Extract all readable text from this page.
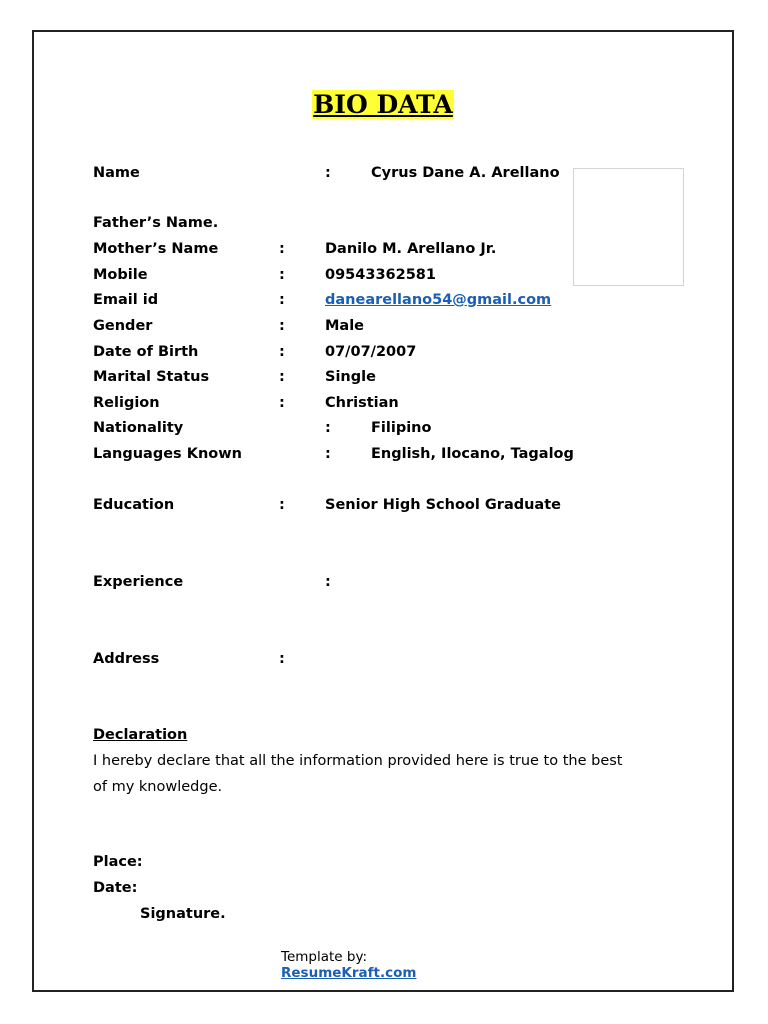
BIO DATA
Name	:	Cyrus Dane A. Arellano
Father’s Name.
Mother’s Name	:	Danilo M. Arellano Jr.
Mobile	:	09543362581
Email id	:	danearellano54@gmail.com
Gender	:	Male
Date of Birth	:	07/07/2007
Marital Status	:	Single
Religion	:	Christian
Nationality	:	Filipino
Languages Known	:	English, Ilocano, Tagalog
Education	:	Senior High School Graduate
Experience	:
Address	:
Declaration
I hereby declare that all the information provided here is true to the best
of my knowledge.
Place:
Date:
Signature.
Template by:
ResumeKraft.com
